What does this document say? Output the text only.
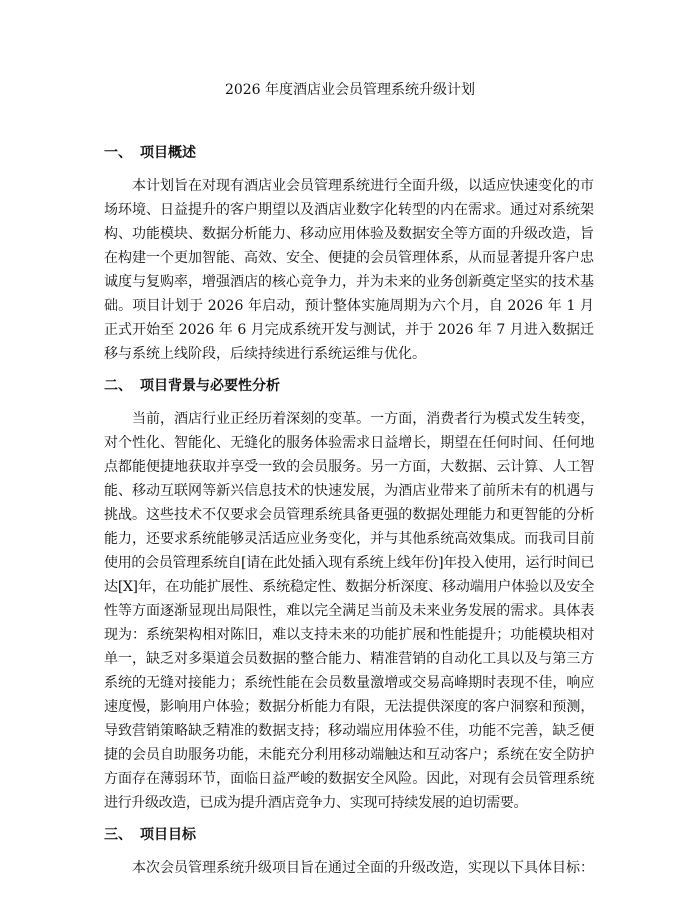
2026 年度酒店业会员管理系统升级计划
一、 项目概述

本计划旨在对现有酒店业会员管理系统进行全面升级，以适应快速变化的市场环境、日益提升的客户期望以及酒店业数字化转型的内在需求。通过对系统架构、功能模块、数据分析能力、移动应用体验及数据安全等方面的升级改造，旨在构建一个更加智能、高效、安全、便捷的会员管理体系，从而显著提升客户忠诚度与复购率，增强酒店的核心竞争力，并为未来的业务创新奠定坚实的技术基础。项目计划于 2026 年启动，预计整体实施周期为六个月，自 2026 年 1 月正式开始至 2026 年 6 月完成系统开发与测试，并于 2026 年 7 月进入数据迁移与系统上线阶段，后续持续进行系统运维与优化。

二、 项目背景与必要性分析

当前，酒店行业正经历着深刻的变革。一方面，消费者行为模式发生转变，对个性化、智能化、无缝化的服务体验需求日益增长，期望在任何时间、任何地点都能便捷地获取并享受一致的会员服务。另一方面，大数据、云计算、人工智能、移动互联网等新兴信息技术的快速发展，为酒店业带来了前所未有的机遇与挑战。这些技术不仅要求会员管理系统具备更强的数据处理能力和更智能的分析能力，还要求系统能够灵活适应业务变化，并与其他系统高效集成。而我司目前使用的会员管理系统自[请在此处插入现有系统上线年份]年投入使用，运行时间已达[X]年，在功能扩展性、系统稳定性、数据分析深度、移动端用户体验以及安全性等方面逐渐显现出局限性，难以完全满足当前及未来业务发展的需求。具体表现为：系统架构相对陈旧，难以支持未来的功能扩展和性能提升；功能模块相对单一，缺乏对多渠道会员数据的整合能力、精准营销的自动化工具以及与第三方系统的无缝对接能力；系统性能在会员数量激增或交易高峰期时表现不佳，响应速度慢，影响用户体验；数据分析能力有限，无法提供深度的客户洞察和预测，导致营销策略缺乏精准的数据支持；移动端应用体验不佳，功能不完善，缺乏便捷的会员自助服务功能，未能充分利用移动端触达和互动客户；系统在安全防护方面存在薄弱环节，面临日益严峻的数据安全风险。因此，对现有会员管理系统进行升级改造，已成为提升酒店竞争力、实现可持续发展的迫切需要。

三、 项目目标

本次会员管理系统升级项目旨在通过全面的升级改造，实现以下具体目标：
